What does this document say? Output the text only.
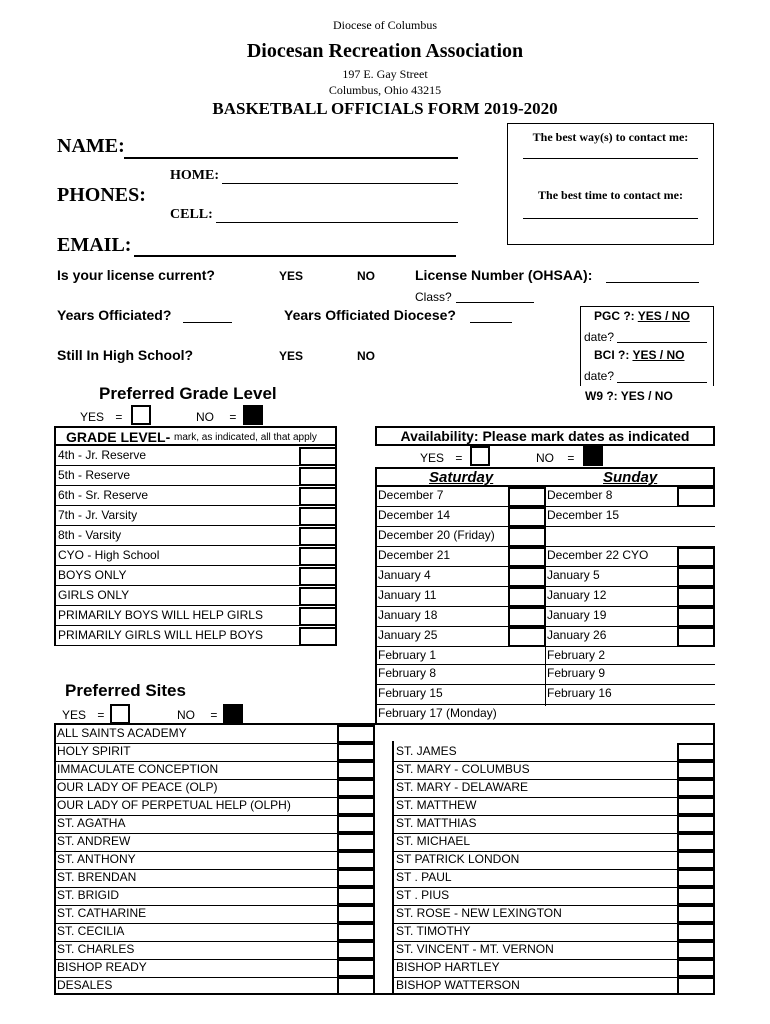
Diocese of Columbus
Diocesan Recreation Association
197 E. Gay Street
Columbus, Ohio 43215
BASKETBALL OFFICIALS FORM 2019-2020
The best way(s) to contact me:
The best time to contact me:
NAME:
HOME:
PHONES:
CELL:
EMAIL:
Is your license current?	YES	NO	License Number (OHSAA):
Class?
Years Officiated?	Years Officiated Diocese?	PGC ?: YES / NO
date?
Still In High School?	YES	NO	BCI ?: YES / NO
date?
W9 ?: YES / NO
Preferred Grade Level
YES =	NO =
GRADE LEVEL- mark, as indicated, all that apply
4th - Jr. Reserve
5th - Reserve
6th - Sr. Reserve
7th - Jr. Varsity
8th - Varsity
CYO - High School
BOYS ONLY
GIRLS ONLY
PRIMARILY BOYS WILL HELP GIRLS
PRIMARILY GIRLS WILL HELP BOYS
Availability: Please mark dates as indicated
YES =	NO =
Saturday	Sunday
December 7	December 8
December 14	December 15
December 20 (Friday)
December 21	December 22 CYO
January 4	January 5
January 11	January 12
January 18	January 19
January 25	January 26
February 1	February 2
February 8	February 9
February 15	February 16
February 17 (Monday)
Preferred Sites
YES =	NO =
ALL SAINTS ACADEMY
HOLY SPIRIT
IMMACULATE CONCEPTION
OUR LADY OF PEACE (OLP)
OUR LADY OF PERPETUAL HELP (OLPH)
ST. AGATHA
ST. ANDREW
ST. ANTHONY
ST. BRENDAN
ST. BRIGID
ST. CATHARINE
ST. CECILIA
ST. CHARLES
BISHOP READY
DESALES
ST. JAMES
ST. MARY - COLUMBUS
ST. MARY - DELAWARE
ST. MATTHEW
ST. MATTHIAS
ST. MICHAEL
ST PATRICK LONDON
ST . PAUL
ST . PIUS
ST. ROSE - NEW LEXINGTON
ST. TIMOTHY
ST. VINCENT - MT. VERNON
BISHOP HARTLEY
BISHOP WATTERSON
